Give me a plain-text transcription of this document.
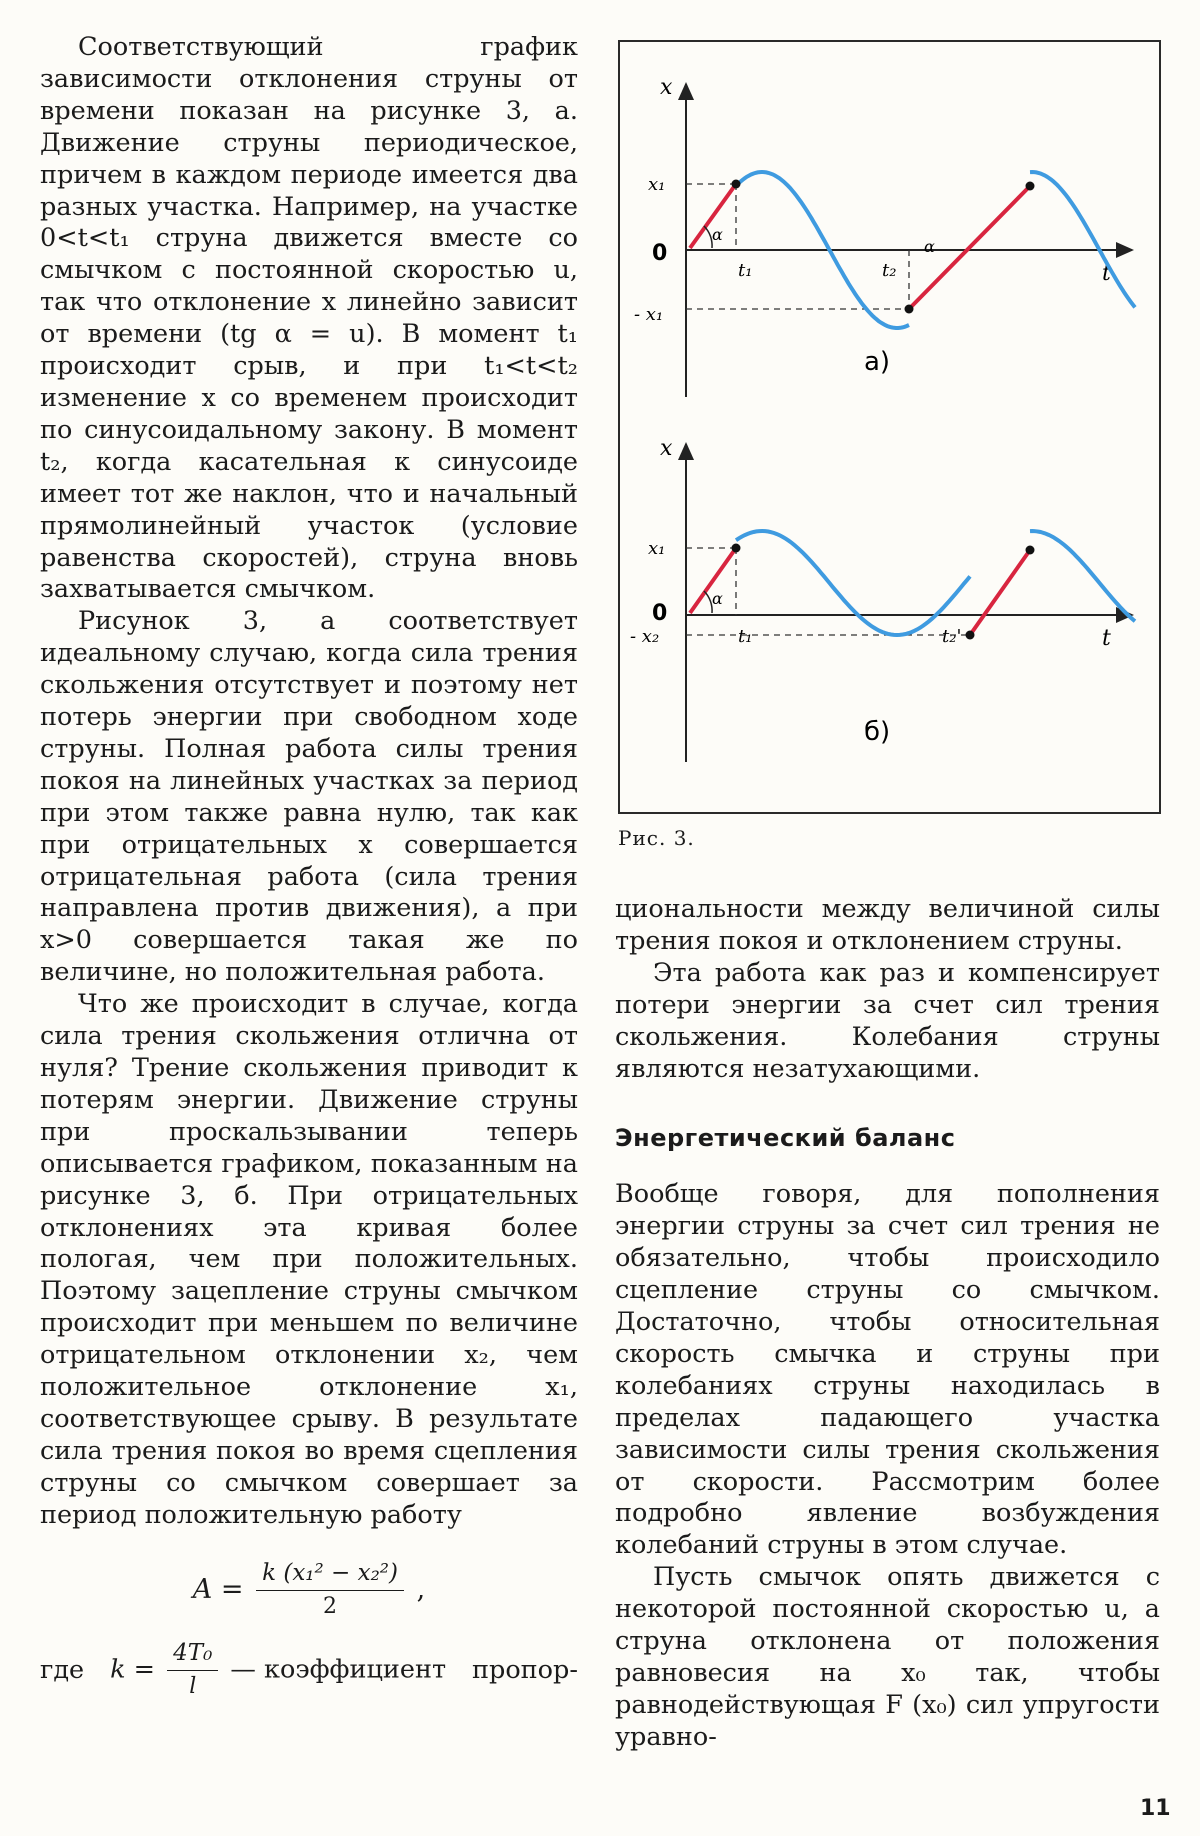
Соответствующий график зависимости отклонения струны от времени показан на рисунке 3, а. Движение струны периодическое, причем в каждом периоде имеется два разных участка. Например, на участке 0<t<t₁ струна движется вместе со смычком с постоянной скоростью u, так что отклонение x линейно зависит от времени (tg α = u). В момент t₁ происходит срыв, и при t₁<t<t₂ изменение x со временем происходит по синусоидальному закону. В момент t₂, когда касательная к синусоиде имеет тот же наклон, что и начальный прямолинейный участок (условие равенства скоростей), струна вновь захватывается смычком.

Рисунок 3, а соответствует идеальному случаю, когда сила трения скольжения отсутствует и поэтому нет потерь энергии при свободном ходе струны. Полная работа силы трения покоя на линейных участках за период при этом также равна нулю, так как при отрицательных x совершается отрицательная работа (сила трения направлена против движения), а при x>0 совершается такая же по величине, но положительная работа.

Что же происходит в случае, когда сила трения скольжения отлична от нуля? Трение скольжения приводит к потерям энергии. Движение струны при проскальзывании теперь описывается графиком, показанным на рисунке 3, б. При отрицательных отклонениях эта кривая более пологая, чем при положительных. Поэтому зацепление струны смычком происходит при меньшем по величине отрицательном отклонении x₂, чем положительное отклонение x₁, соответствующее срыву. В результате сила трения покоя во время сцепления струны со смычком совершает за период положительную работу

$A = \frac{\text{k (x₁² − x₂²)}}{2}$ ,
где $k = \frac{\text{4T₀}}{l}$ — коэффициент пропор-
x
t
x₁
0
- x₁
t₁	t₂
α
α
а)
x
t
x₁
0
- x₂	t₁	t₂'
α
б)
Рис. 3.

циональности между величиной силы трения покоя и отклонением струны.

Эта работа как раз и компенсирует потери энергии за счет сил трения скольжения. Колебания струны являются незатухающими.

Энергетический баланс

Вообще говоря, для пополнения энергии струны за счет сил трения не обязательно, чтобы происходило сцепление струны со смычком. Достаточно, чтобы относительная скорость смычка и струны при колебаниях струны находилась в пределах падающего участка зависимости силы трения скольжения от скорости. Рассмотрим более подробно явление возбуждения колебаний струны в этом случае.

Пусть смычок опять движется с некоторой постоянной скоростью u, а струна отклонена от положения равновесия на x₀ так, чтобы равнодействующая F (x₀) сил упругости уравно-

11
